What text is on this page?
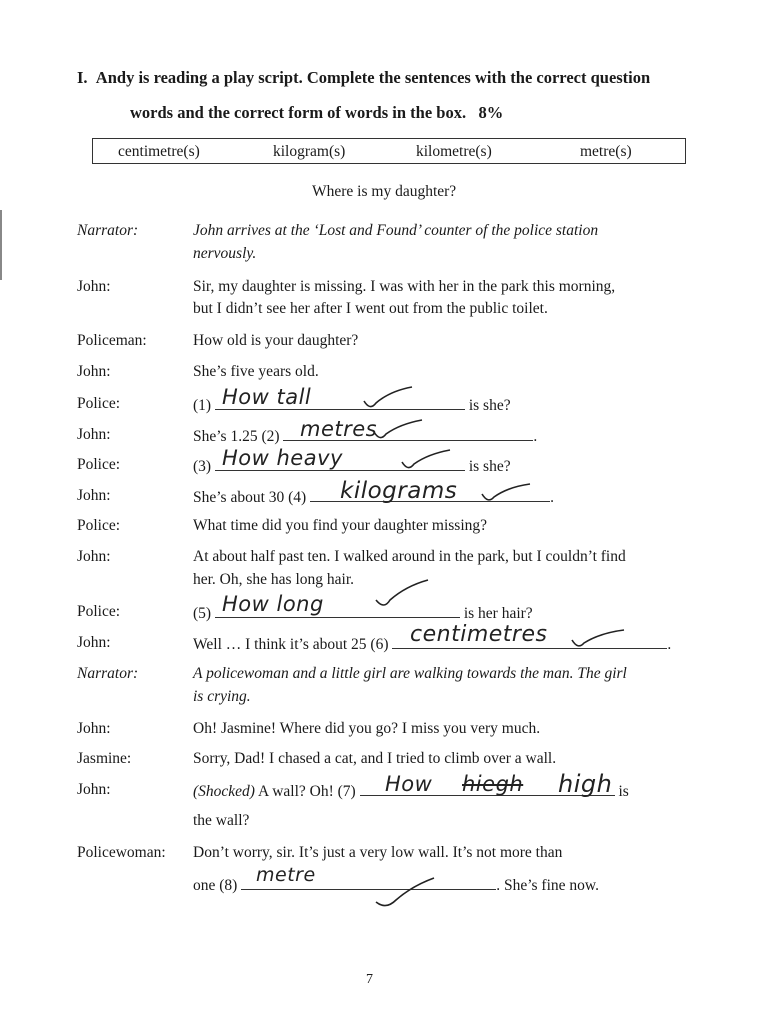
I. Andy is reading a play script. Complete the sentences with the correct question
words and the correct form of words in the box. 8%
centimetre(s)	kilogram(s)	kilometre(s)	metre(s)
Where is my daughter?
Narrator:	John arrives at the ‘Lost and Found’ counter of the police station
nervously.
John:	Sir, my daughter is missing. I was with her in the park this morning,
but I didn’t see her after I went out from the public toilet.
Policeman:	How old is your daughter?
John:	She’s five years old.
Police:	(1)	is she?
How tall
John:	She’s 1.25 (2)	.
metres
Police:	(3)	is she?
How heavy
John:	She’s about 30 (4)	.
kilograms
Police:	What time did you find your daughter missing?
John:	At about half past ten. I walked around in the park, but I couldn’t find
her. Oh, she has long hair.
Police:	(5)	is her hair?
How long
John:	Well … I think it’s about 25 (6)	.
centimetres
Narrator:	A policewoman and a little girl are walking towards the man. The girl
is crying.
John:	Oh! Jasmine! Where did you go? I miss you very much.
Jasmine:	Sorry, Dad! I chased a cat, and I tried to climb over a wall.
John:	(Shocked) A wall? Oh! (7)	is
How hiegh high
the wall?
Policewoman: Don’t worry, sir. It’s just a very low wall. It’s not more than
one (8)	. She’s fine now.
metre
7
